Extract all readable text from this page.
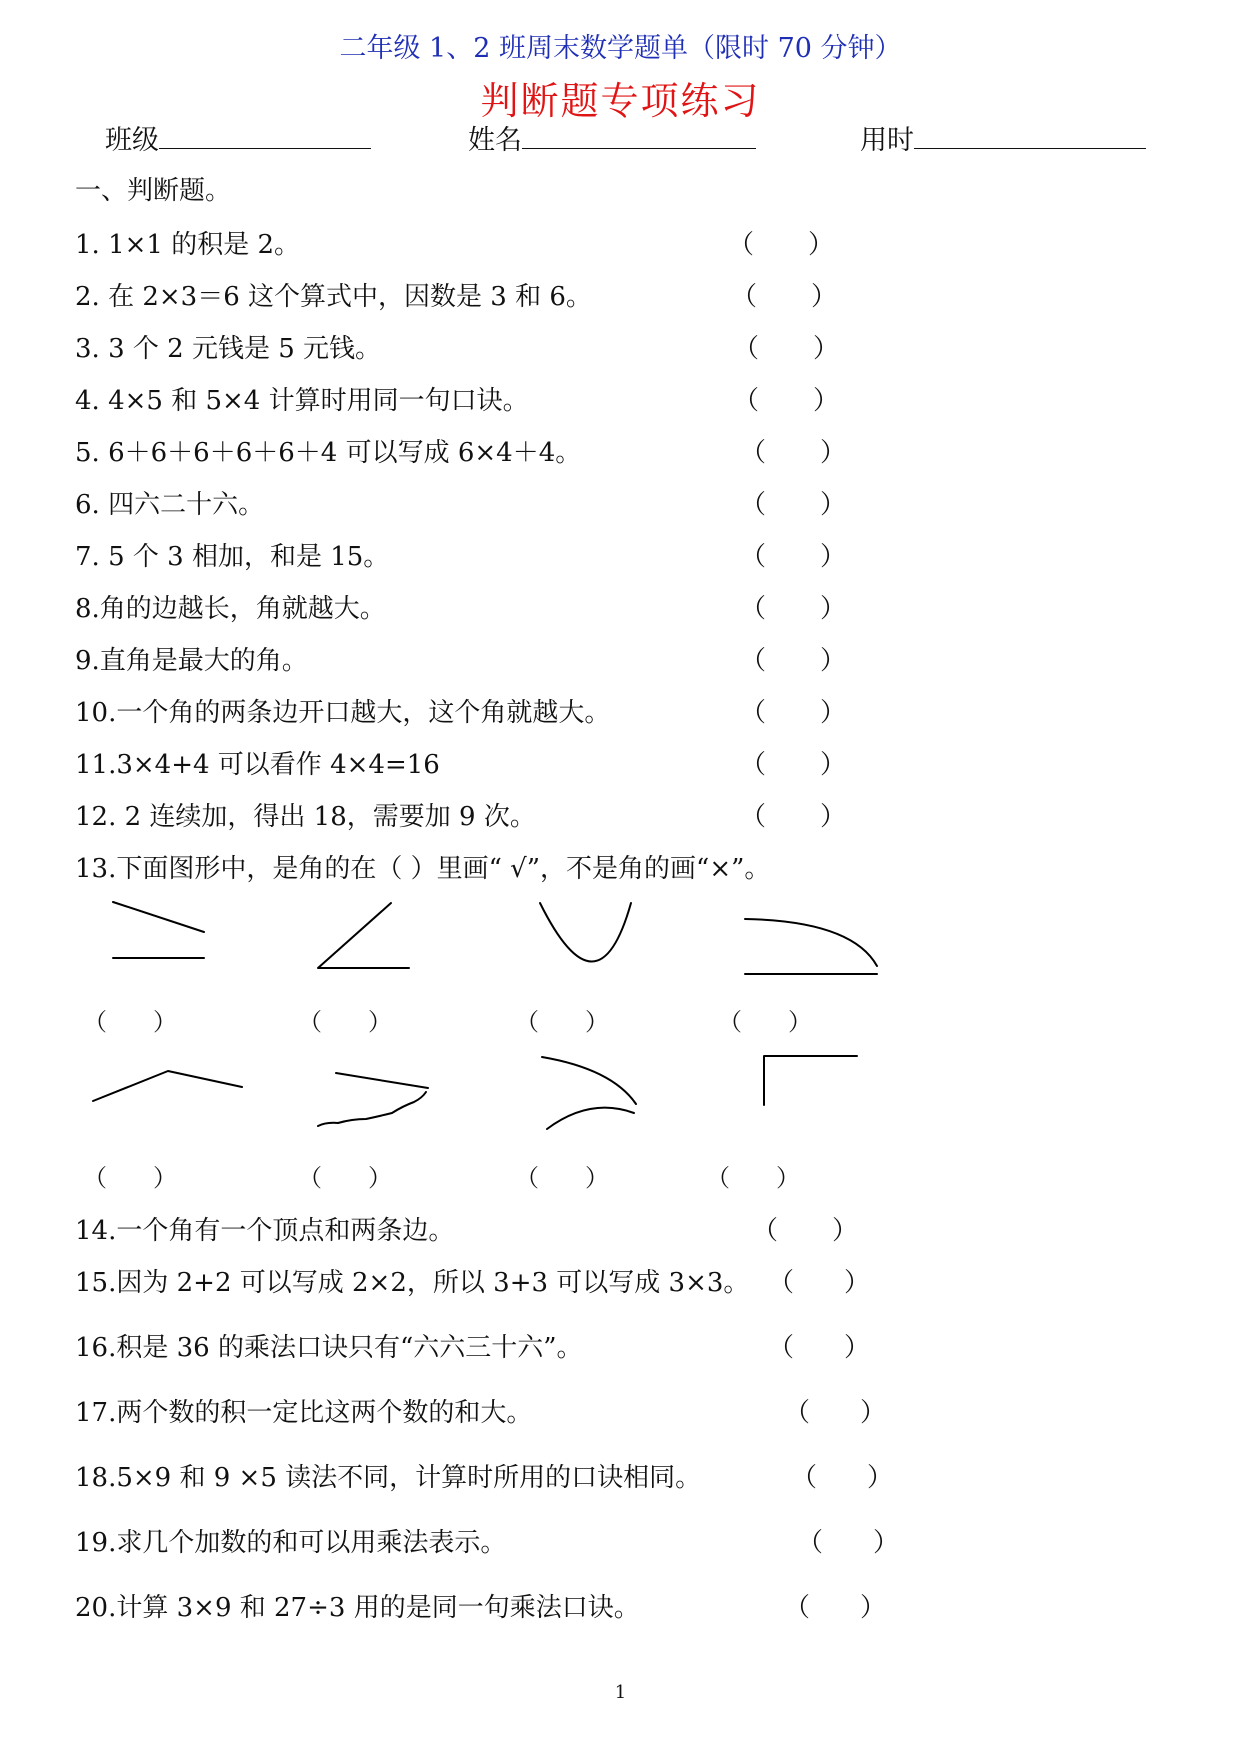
二年级 1、2 班周末数学题单（限时 70 分钟）
判断题专项练习
班级	姓名	用时
一、判断题。
1. 1×1 的积是 2。
2. 在 2×3＝6 这个算式中，因数是 3 和 6。
3. 3 个 2 元钱是 5 元钱。
4. 4×5 和 5×4 计算时用同一句口诀。
5. 6＋6＋6＋6＋6＋4 可以写成 6×4＋4。
6. 四六二十六。
7. 5 个 3 相加，和是 15。
8.角的边越长，角就越大。
9.直角是最大的角。
10.一个角的两条边开口越大，这个角就越大。
11.3×4+4 可以看作 4×4=16
12. 2 连续加，得出 18，需要加 9 次。
13.下面图形中，是角的在（ ）里画“ √”，不是角的画“×”。
（ ）
（ ）
（ ）
（ ）
（ ）
（ ）
（ ）
（ ）
（ ）
（ ）
（ ）
（ ）
（ ）	（ ）	（ ）	（ ）
（ ）	（ ）	（ ）	（ ）
14.一个角有一个顶点和两条边。
15.因为 2+2 可以写成 2×2，所以 3+3 可以写成 3×3。
16.积是 36 的乘法口诀只有“六六三十六”。
17.两个数的积一定比这两个数的和大。
18.5×9 和 9 ×5 读法不同，计算时所用的口诀相同。
19.求几个加数的和可以用乘法表示。
20.计算 3×9 和 27÷3 用的是同一句乘法口诀。
（ ）
（ ）
（ ）
（ ）
（ ）
（ ）
（ ）
1
